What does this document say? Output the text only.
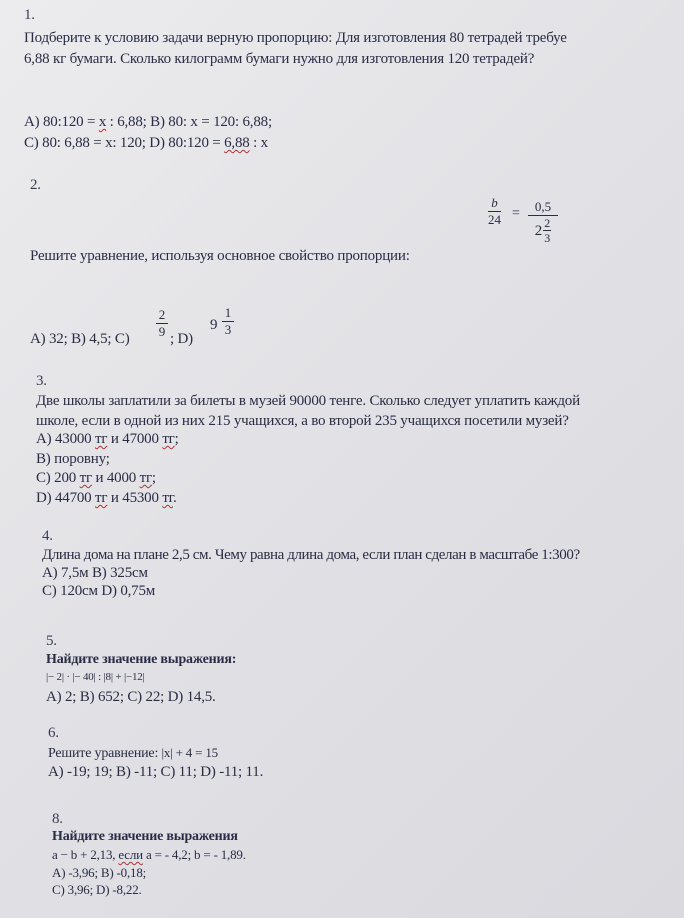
1.
Подберите к условию задачи верную пропорцию: Для изготовления 80 тетрадей требуе
6,88 кг бумаги. Сколько килограмм бумаги нужно для изготовления 120 тетрадей?
А) 80:120 = х : 6,88; В) 80: х = 120: 6,88;
С) 80: 6,88 = х: 120; D) 80:120 = 6,88 : х
2.
b
24 = 0,5
2 2
3
Решите уравнение, используя основное свойство пропорции:
А) 32; В) 4,5; С)
2
9 ; D)
9
1
3
3.
Две школы заплатили за билеты в музей 90000 тенге. Сколько следует уплатить каждой
школе, если в одной из них 215 учащихся, а во второй 235 учащихся посетили музей?
А) 43000 тг и 47000 тг;
В) поровну;
С) 200 тг и 4000 тг;
D) 44700 тг и 45300 тг.
4.
Длина дома на плане 2,5 см. Чему равна длина дома, если план сделан в масштабе 1:300?
А) 7,5м В) 325см
С) 120см D) 0,75м
5.
Найдите значение выражения:
|− 2| · |− 40| : |8| + |−12|
А) 2; В) 652; С) 22; D) 14,5.
6.
Решите уравнение: |x| + 4 = 15
А) -19; 19; В) -11; С) 11; D) -11; 11.
8.
Найдите значение выражения
a − b + 2,13, если a = - 4,2; b = - 1,89.
А) -3,96; В) -0,18;
С) 3,96; D) -8,22.
